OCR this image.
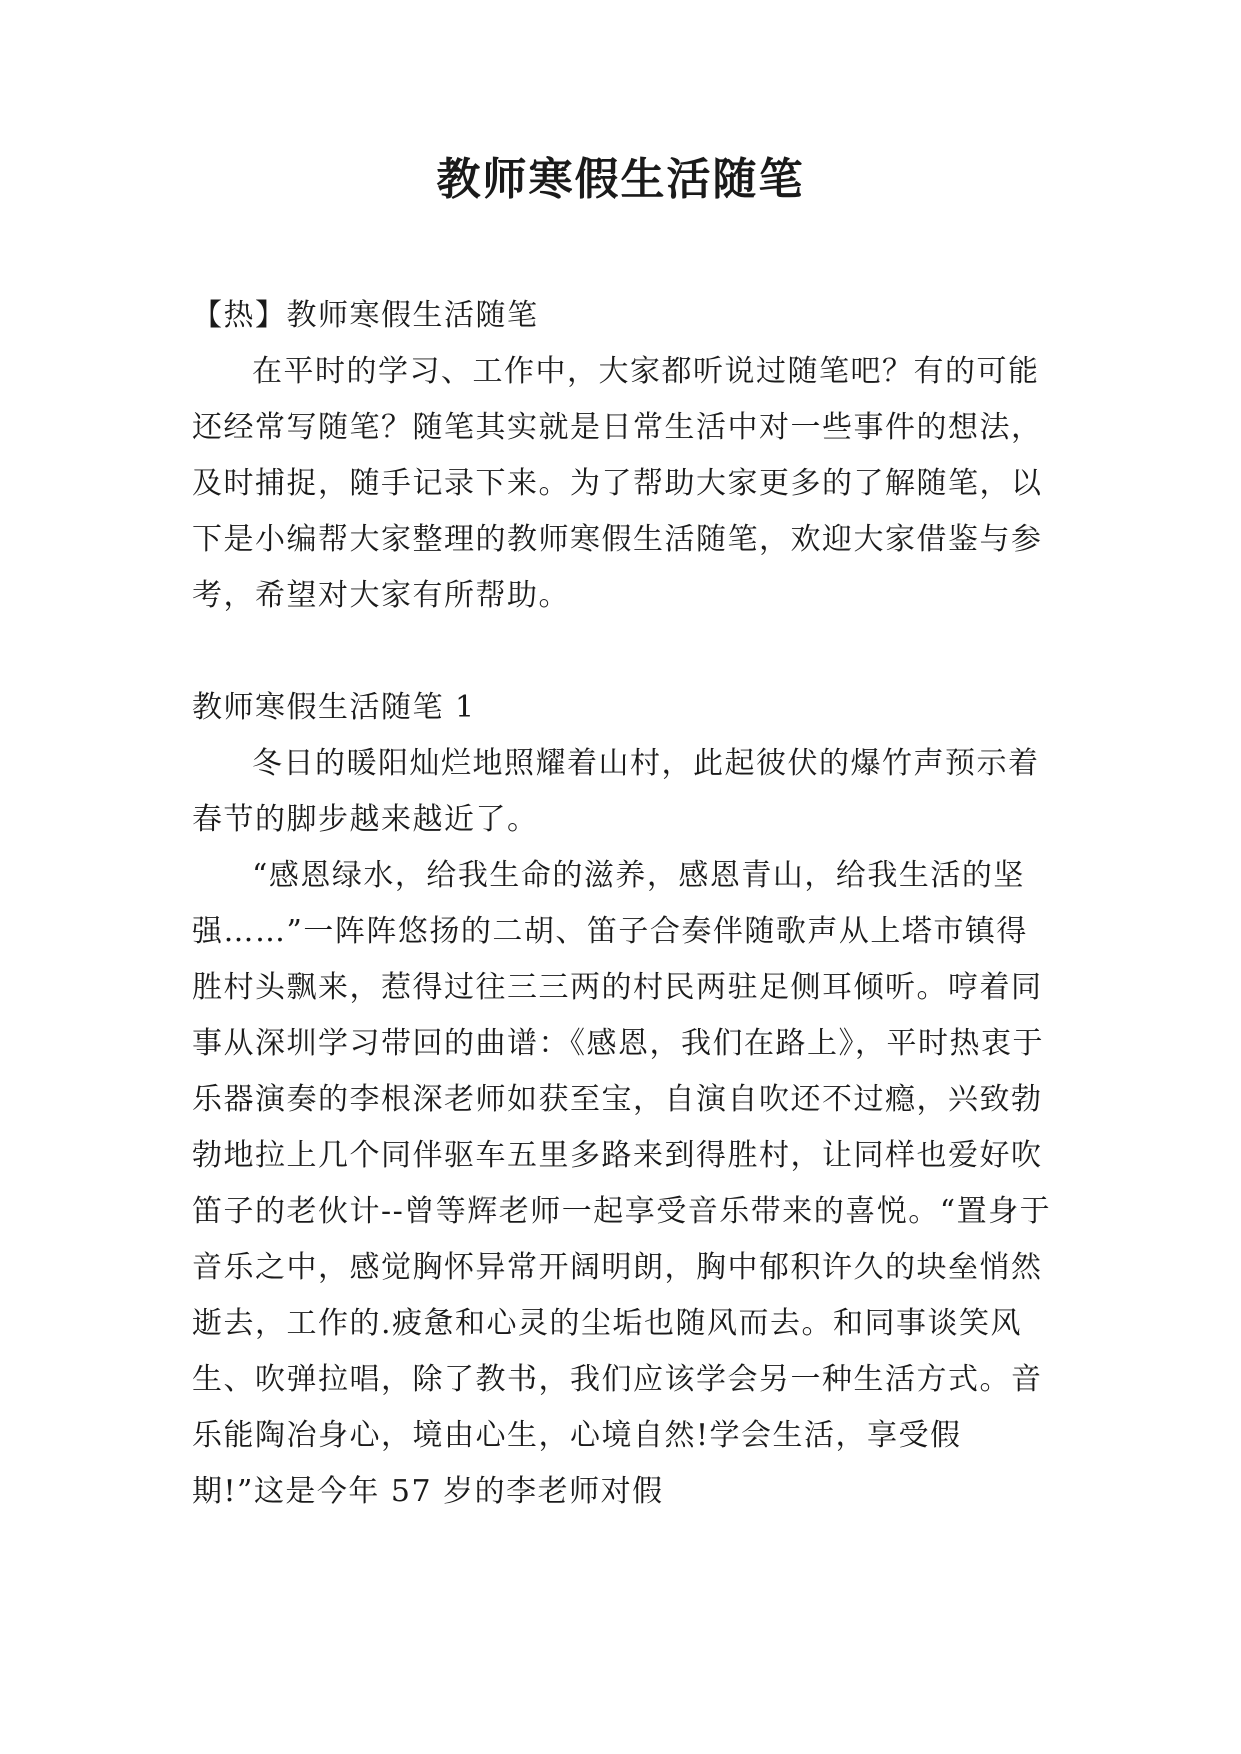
教师寒假生活随笔

【热】教师寒假生活随笔

在平时的学习、工作中，大家都听说过随笔吧？有的可能还经常写随笔？随笔其实就是日常生活中对一些事件的想法，及时捕捉，随手记录下来。为了帮助大家更多的了解随笔，以下是小编帮大家整理的教师寒假生活随笔，欢迎大家借鉴与参考，希望对大家有所帮助。

教师寒假生活随笔 1

冬日的暖阳灿烂地照耀着山村，此起彼伏的爆竹声预示着春节的脚步越来越近了。

“感恩绿水，给我生命的滋养，感恩青山，给我生活的坚强……”一阵阵悠扬的二胡、笛子合奏伴随歌声从上塔市镇得胜村头飘来，惹得过往三三两的村民两驻足侧耳倾听。哼着同事从深圳学习带回的曲谱：《感恩，我们在路上》，平时热衷于乐器演奏的李根深老师如获至宝，自演自吹还不过瘾，兴致勃勃地拉上几个同伴驱车五里多路来到得胜村，让同样也爱好吹笛子的老伙计--曾等辉老师一起享受音乐带来的喜悦。“置身于音乐之中，感觉胸怀异常开阔明朗，胸中郁积许久的块垒悄然逝去，工作的.疲惫和心灵的尘垢也随风而去。和同事谈笑风生、吹弹拉唱，除了教书，我们应该学会另一种生活方式。音乐能陶冶身心，境由心生，心境自然!学会生活，享受假期!”这是今年 57 岁的李老师对假
